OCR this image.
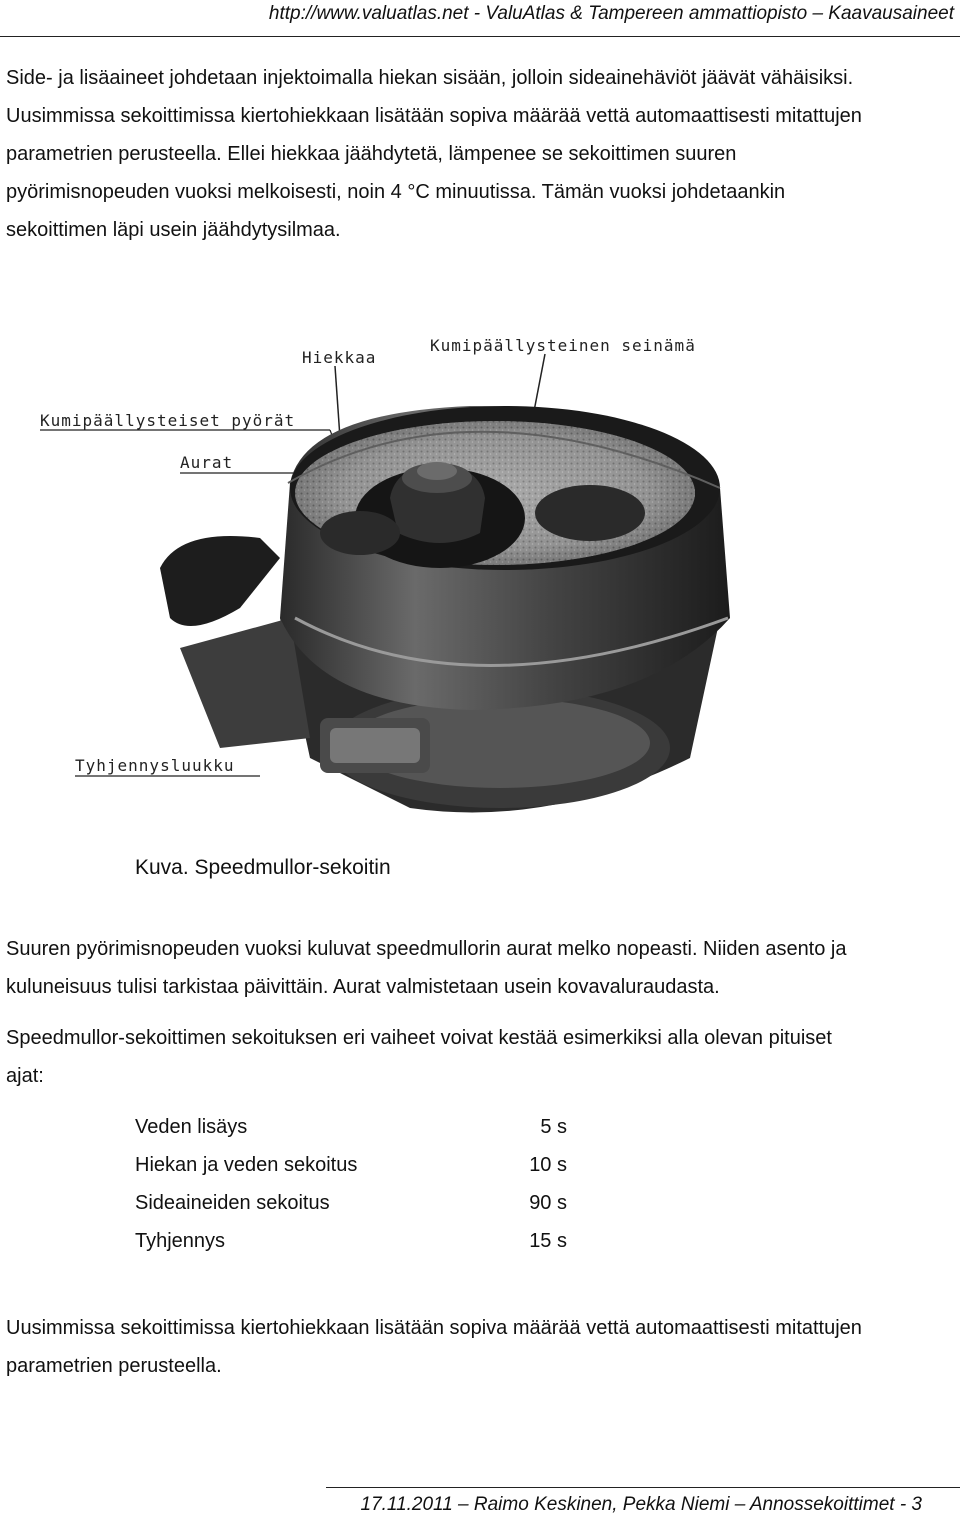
http://www.valuatlas.net - ValuAtlas & Tampereen ammattiopisto – Kaavausaineet
Side- ja lisäaineet johdetaan injektoimalla hiekan sisään, jolloin sideainehäviöt jäävät vähäisiksi.
Uusimmissa sekoittimissa kiertohiekkaan lisätään sopiva määrää vettä automaattisesti mitattujen
parametrien perusteella. Ellei hiekkaa jäähdytetä, lämpenee se sekoittimen suuren
pyörimisnopeuden vuoksi melkoisesti, noin 4 °C minuutissa. Tämän vuoksi johdetaankin
sekoittimen läpi usein jäähdytysilmaa.
Hiekkaa
Kumipäällysteinen seinämä
Kumipäällysteiset pyörät
Aurat
Tyhjennysluukku
Kuva. Speedmullor-sekoitin
Suuren pyörimisnopeuden vuoksi kuluvat speedmullorin aurat melko nopeasti. Niiden asento ja
kuluneisuus tulisi tarkistaa päivittäin. Aurat valmistetaan usein kovavaluraudasta.
Speedmullor-sekoittimen sekoituksen eri vaiheet voivat kestää esimerkiksi alla olevan pituiset
ajat:
Veden lisäys	5 s
Hiekan ja veden sekoitus	10 s
Sideaineiden sekoitus	90 s
Tyhjennys	15 s
Uusimmissa sekoittimissa kiertohiekkaan lisätään sopiva määrää vettä automaattisesti mitattujen
parametrien perusteella.
17.11.2011 – Raimo Keskinen, Pekka Niemi – Annossekoittimet - 3
